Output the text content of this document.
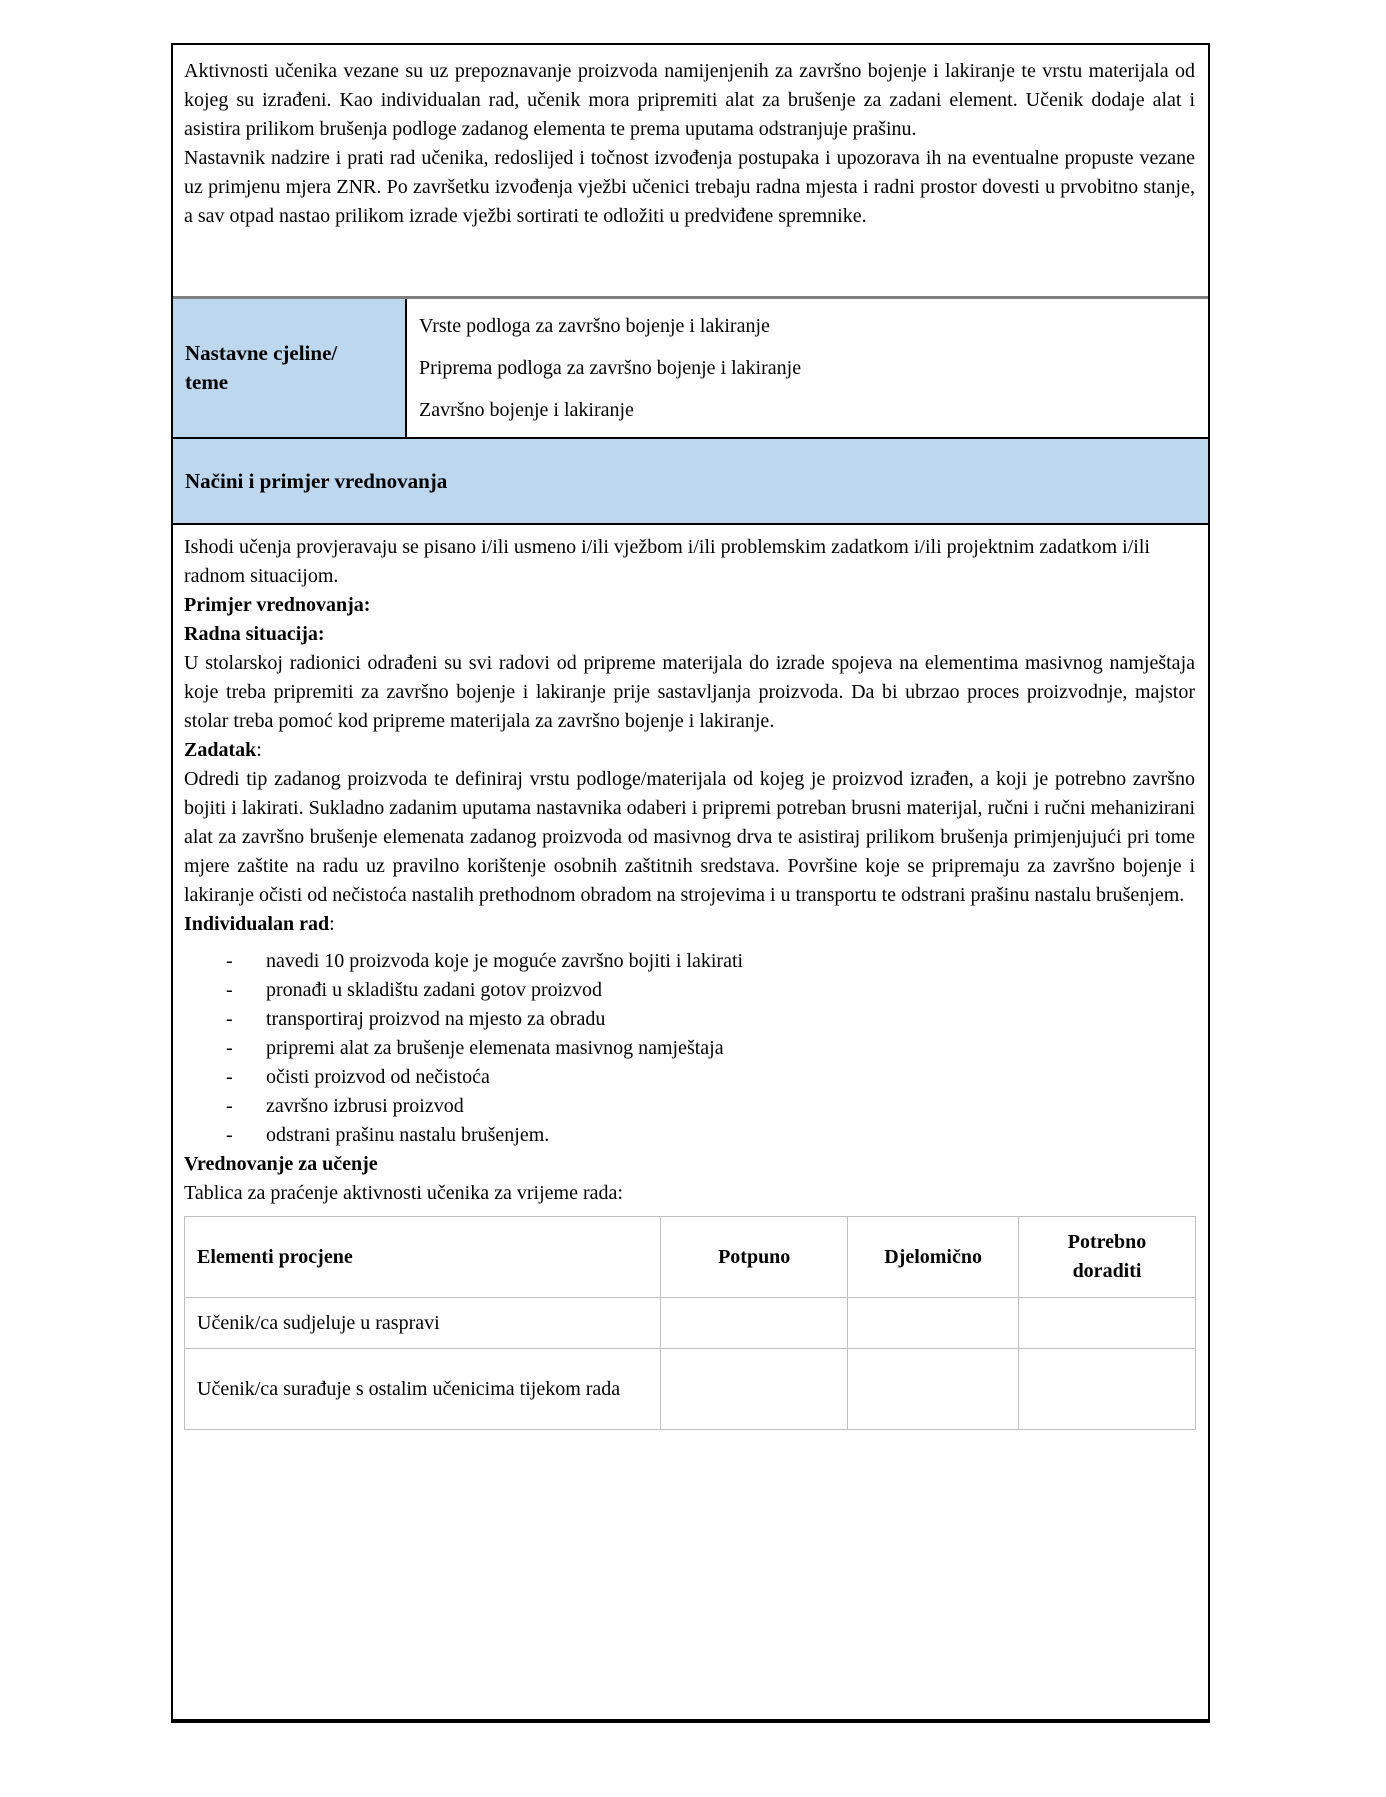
Aktivnosti učenika vezane su uz prepoznavanje proizvoda namijenjenih za završno bojenje i lakiranje te vrstu materijala od kojeg su izrađeni. Kao individualan rad, učenik mora pripremiti alat za brušenje za zadani element. Učenik dodaje alat i asistira prilikom brušenja podloge zadanog elementa te prema uputama odstranjuje prašinu.

Nastavnik nadzire i prati rad učenika, redoslijed i točnost izvođenja postupaka i upozorava ih na eventualne propuste vezane uz primjenu mjera ZNR. Po završetku izvođenja vježbi učenici trebaju radna mjesta i radni prostor dovesti u prvobitno stanje, a sav otpad nastao prilikom izrade vježbi sortirati te odložiti u predviđene spremnike.

Nastavne cjeline/
teme

Vrste podloga za završno bojenje i lakiranje

Priprema podloga za završno bojenje i lakiranje

Završno bojenje i lakiranje

Načini i primjer vrednovanja

Ishodi učenja provjeravaju se pisano i/ili usmeno i/ili vježbom i/ili problemskim zadatkom i/ili projektnim zadatkom i/ili radnom situacijom.

Primjer vrednovanja:

Radna situacija:

U stolarskoj radionici odrađeni su svi radovi od pripreme materijala do izrade spojeva na elementima masivnog namještaja koje treba pripremiti za završno bojenje i lakiranje prije sastavljanja proizvoda. Da bi ubrzao proces proizvodnje, majstor stolar treba pomoć kod pripreme materijala za završno bojenje i lakiranje.

Zadatak:

Odredi tip zadanog proizvoda te definiraj vrstu podloge/materijala od kojeg je proizvod izrađen, a koji je potrebno završno bojiti i lakirati. Sukladno zadanim uputama nastavnika odaberi i pripremi potreban brusni materijal, ručni i ručni mehanizirani alat za završno brušenje elemenata zadanog proizvoda od masivnog drva te asistiraj prilikom brušenja primjenjujući pri tome mjere zaštite na radu uz pravilno korištenje osobnih zaštitnih sredstava. Površine koje se pripremaju za završno bojenje i lakiranje očisti od nečistoća nastalih prethodnom obradom na strojevima i u transportu te odstrani prašinu nastalu brušenjem.

Individualan rad:

-	navedi 10 proizvoda koje je moguće završno bojiti i lakirati
-	pronađi u skladištu zadani gotov proizvod
-	transportiraj proizvod na mjesto za obradu
-	pripremi alat za brušenje elemenata masivnog namještaja
-	očisti proizvod od nečistoća
-	završno izbrusi proizvod
-	odstrani prašinu nastalu brušenjem.

Vrednovanje za učenje

Tablica za praćenje aktivnosti učenika za vrijeme rada:

Elementi procjene	Potpuno	Djelomično	Potrebno doraditi
Učenik/ca sudjeluje u raspravi			
Učenik/ca surađuje s ostalim učenicima tijekom rada			
